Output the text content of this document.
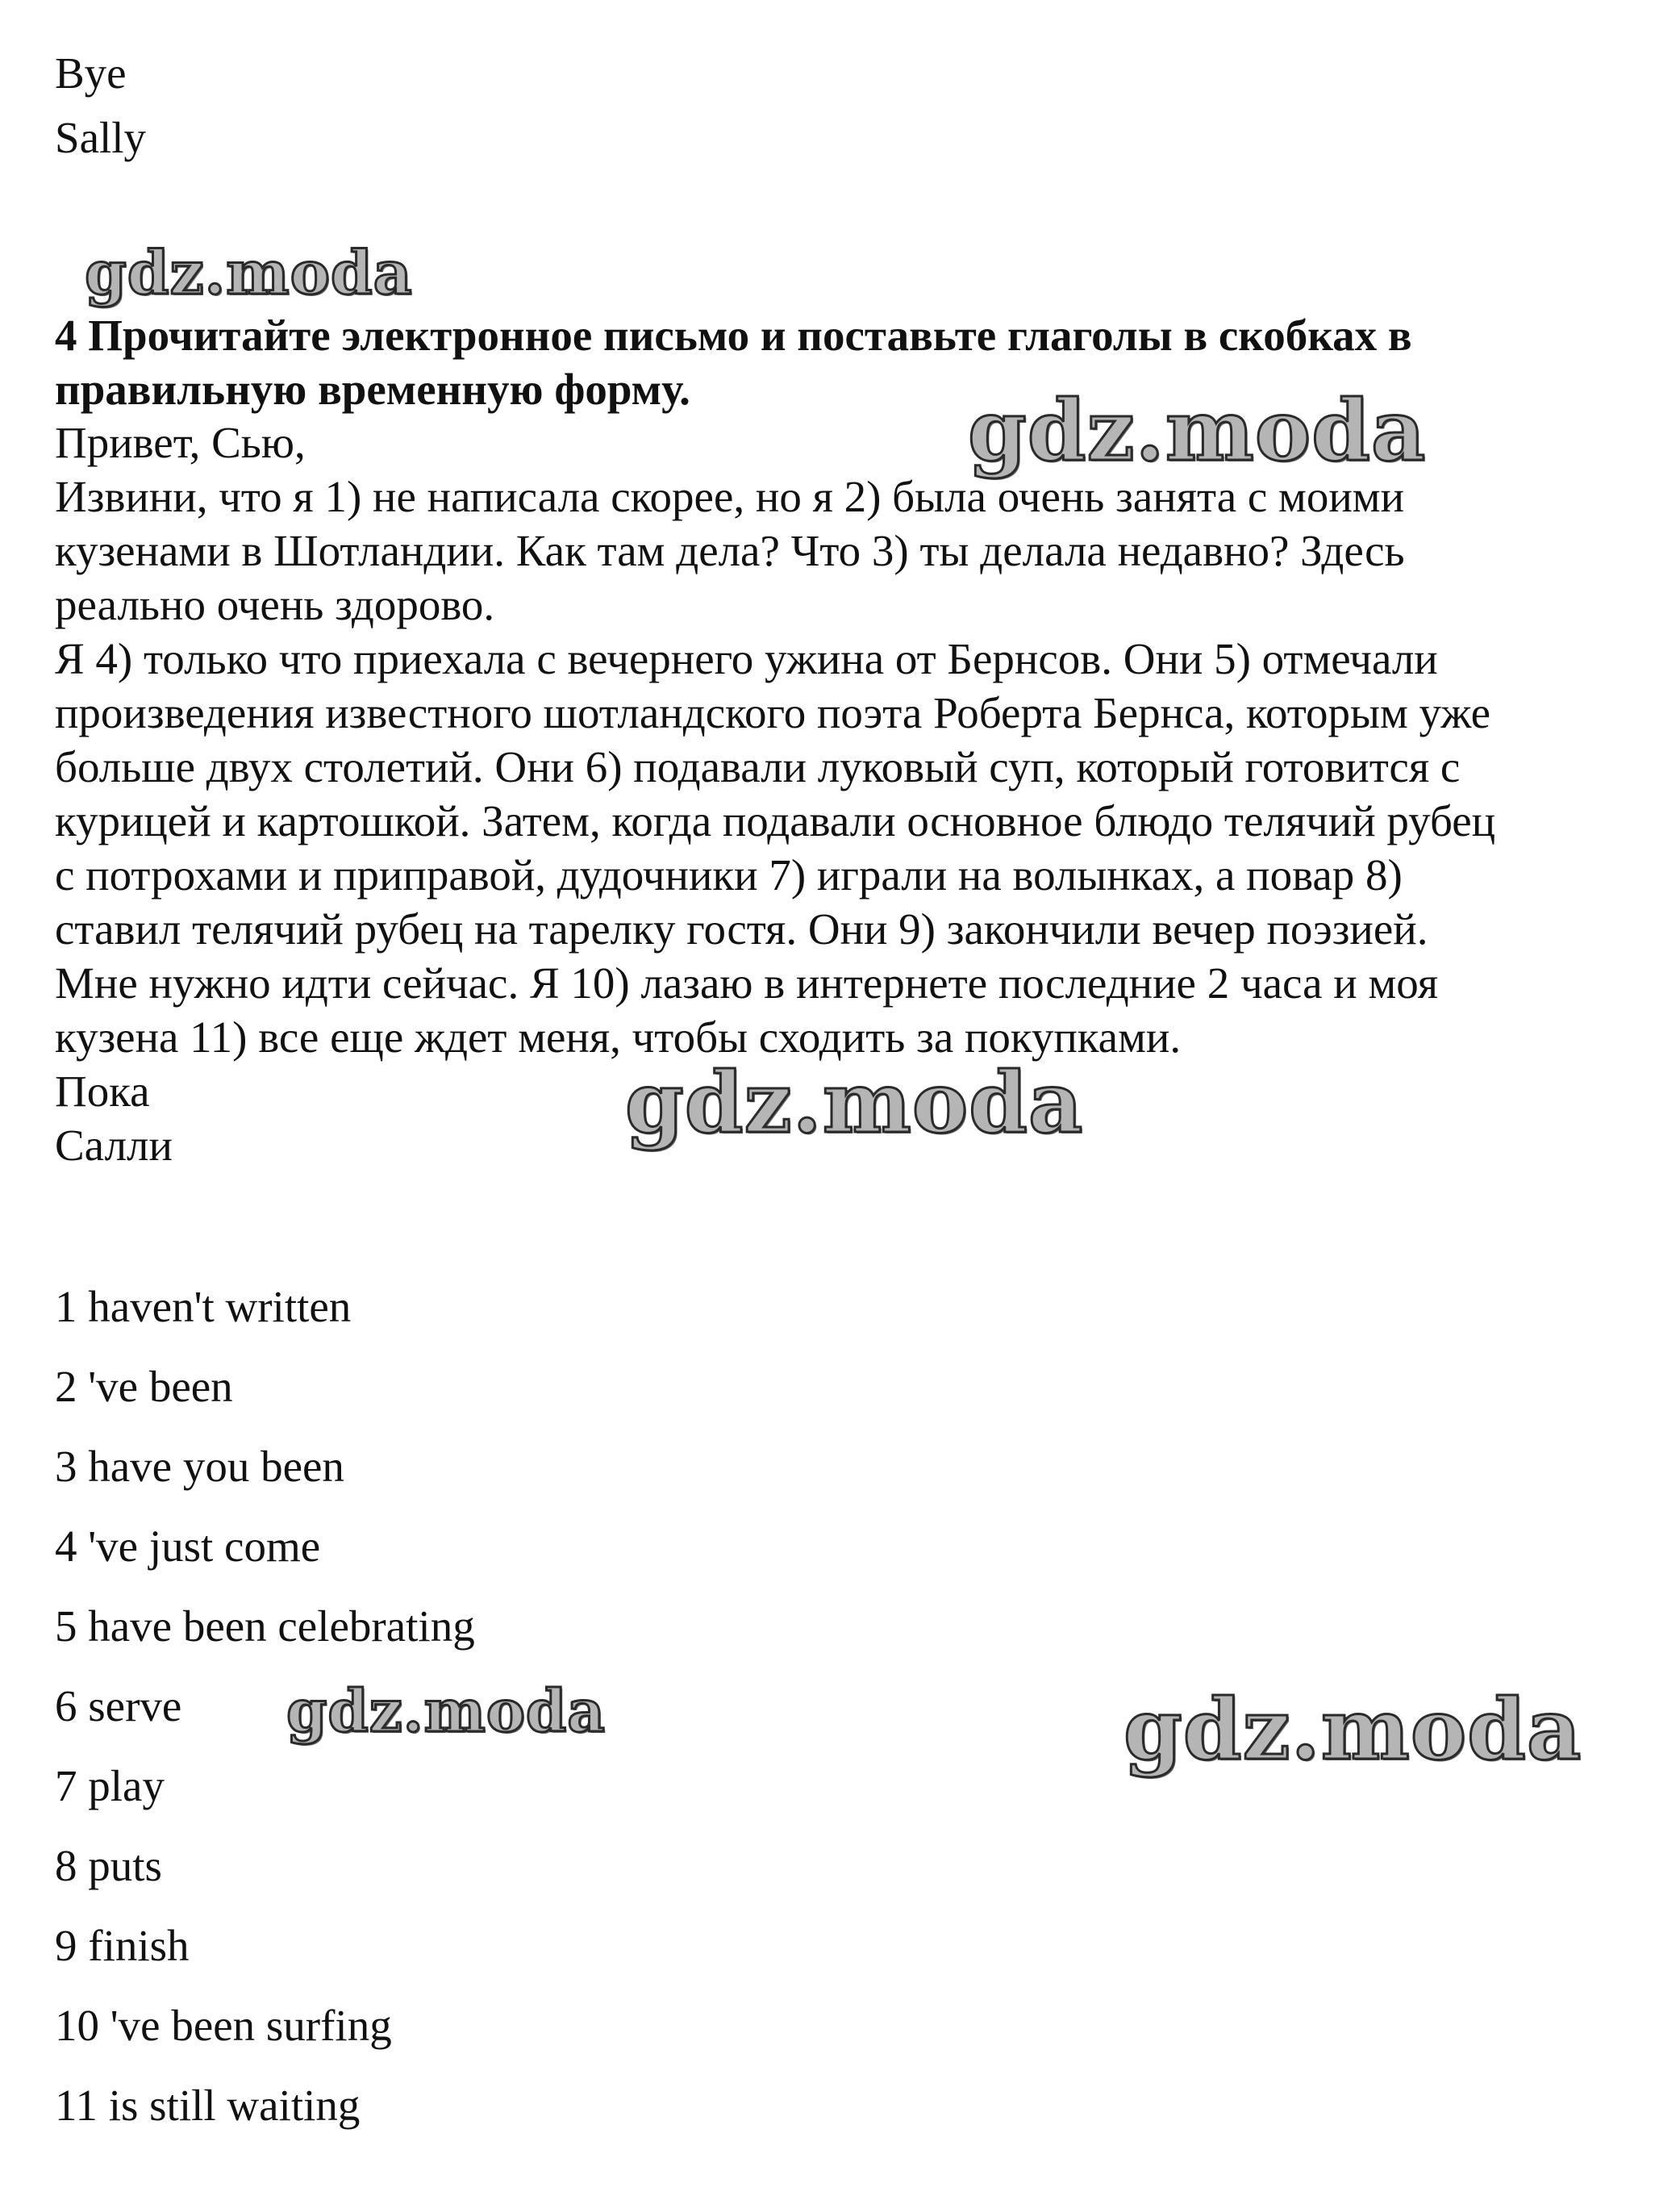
Bye
Sally
gdz.moda
gdz.moda
gdz.moda
gdz.moda	gdz.moda
4 Прочитайте электронное письмо и поставьте глаголы в скобках в
правильную временную форму.
Привет, Сью,
Извини, что я 1) не написала скорее, но я 2) была очень занята с моими
кузенами в Шотландии. Как там дела? Что 3) ты делала недавно? Здесь
реально очень здорово.
Я 4) только что приехала с вечернего ужина от Бернсов. Они 5) отмечали
произведения известного шотландского поэта Роберта Бернса, которым уже
больше двух столетий. Они 6) подавали луковый суп, который готовится с
курицей и картошкой. Затем, когда подавали основное блюдо телячий рубец
с потрохами и приправой, дудочники 7) играли на волынках, а повар 8)
ставил телячий рубец на тарелку гостя. Они 9) закончили вечер поэзией.
Мне нужно идти сейчас. Я 10) лазаю в интернете последние 2 часа и моя
кузена 11) все еще ждет меня, чтобы сходить за покупками.
Пока
Салли
1 haven't written
2 've been
3 have you been
4 've just come
5 have been celebrating
6 serve
7 play
8 puts
9 finish
10 've been surfing
11 is still waiting
